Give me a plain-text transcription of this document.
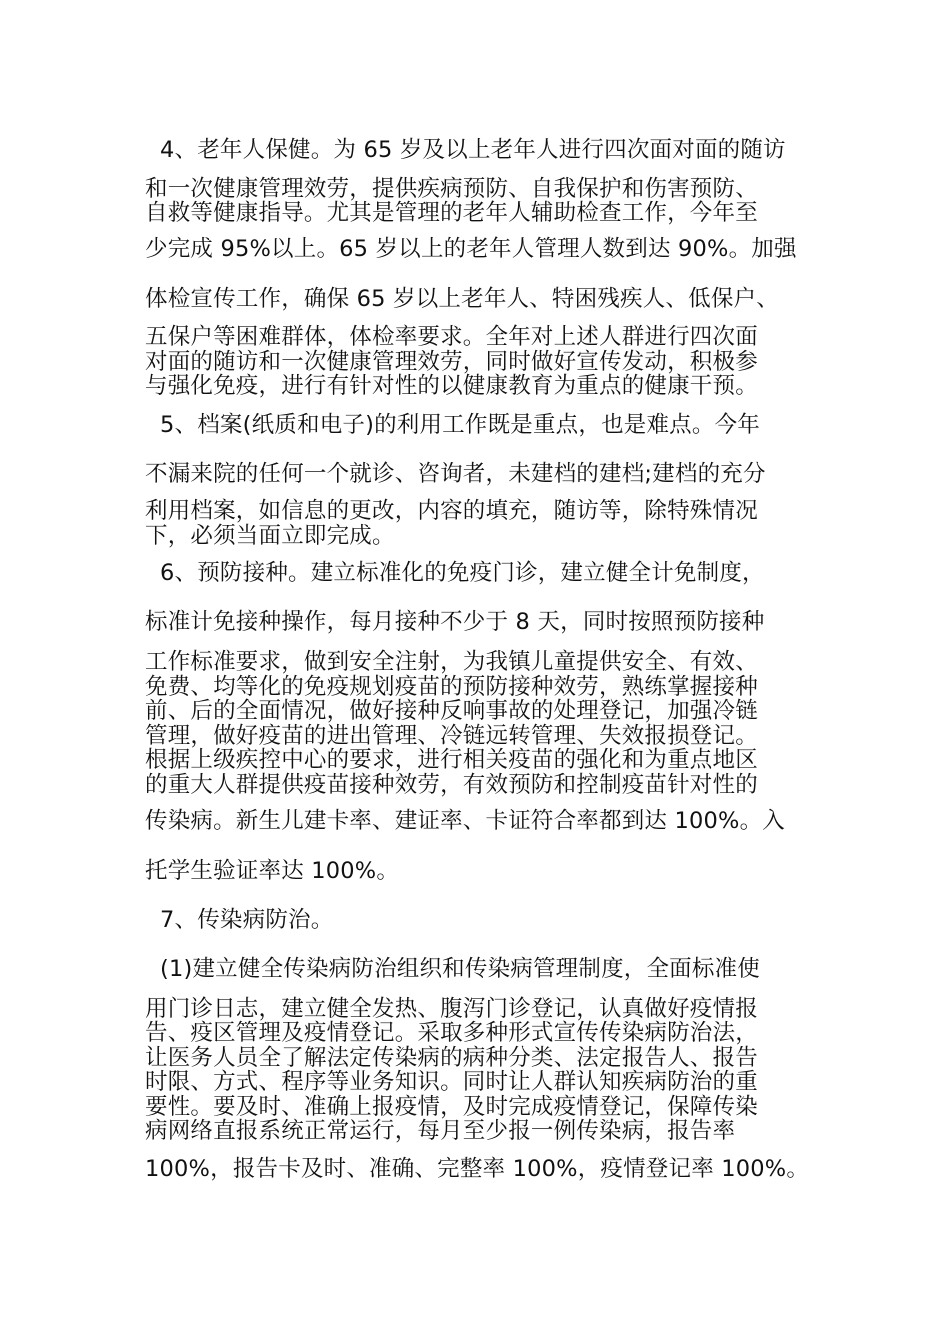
4、老年人保健。为 65 岁及以上老年人进行四次面对面的随访
和一次健康管理效劳，提供疾病预防、自我保护和伤害预防、
自救等健康指导。尤其是管理的老年人辅助检查工作，今年至
少完成 95%以上。65 岁以上的老年人管理人数到达 90%。加强
体检宣传工作，确保 65 岁以上老年人、特困残疾人、低保户、
五保户等困难群体，体检率要求。全年对上述人群进行四次面
对面的随访和一次健康管理效劳，同时做好宣传发动，积极参
与强化免疫，进行有针对性的以健康教育为重点的健康干预。
5、档案(纸质和电子)的利用工作既是重点，也是难点。今年
不漏来院的任何一个就诊、咨询者，未建档的建档;建档的充分
利用档案，如信息的更改，内容的填充，随访等，除特殊情况
下，必须当面立即完成。
6、预防接种。建立标准化的免疫门诊，建立健全计免制度，
标准计免接种操作，每月接种不少于 8 天，同时按照预防接种
工作标准要求，做到安全注射，为我镇儿童提供安全、有效、
免费、均等化的免疫规划疫苗的预防接种效劳，熟练掌握接种
前、后的全面情况，做好接种反响事故的处理登记，加强冷链
管理，做好疫苗的进出管理、冷链远转管理、失效报损登记。
根据上级疾控中心的要求，进行相关疫苗的强化和为重点地区
的重大人群提供疫苗接种效劳，有效预防和控制疫苗针对性的
传染病。新生儿建卡率、建证率、卡证符合率都到达 100%。入
托学生验证率达 100%。
7、传染病防治。
(1)建立健全传染病防治组织和传染病管理制度，全面标准使
用门诊日志，建立健全发热、腹泻门诊登记，认真做好疫情报
告、疫区管理及疫情登记。采取多种形式宣传传染病防治法，
让医务人员全了解法定传染病的病种分类、法定报告人、报告
时限、方式、程序等业务知识。同时让人群认知疾病防治的重
要性。要及时、准确上报疫情，及时完成疫情登记，保障传染
病网络直报系统正常运行，每月至少报一例传染病，报告率
100%，报告卡及时、准确、完整率 100%，疫情登记率 100%。
